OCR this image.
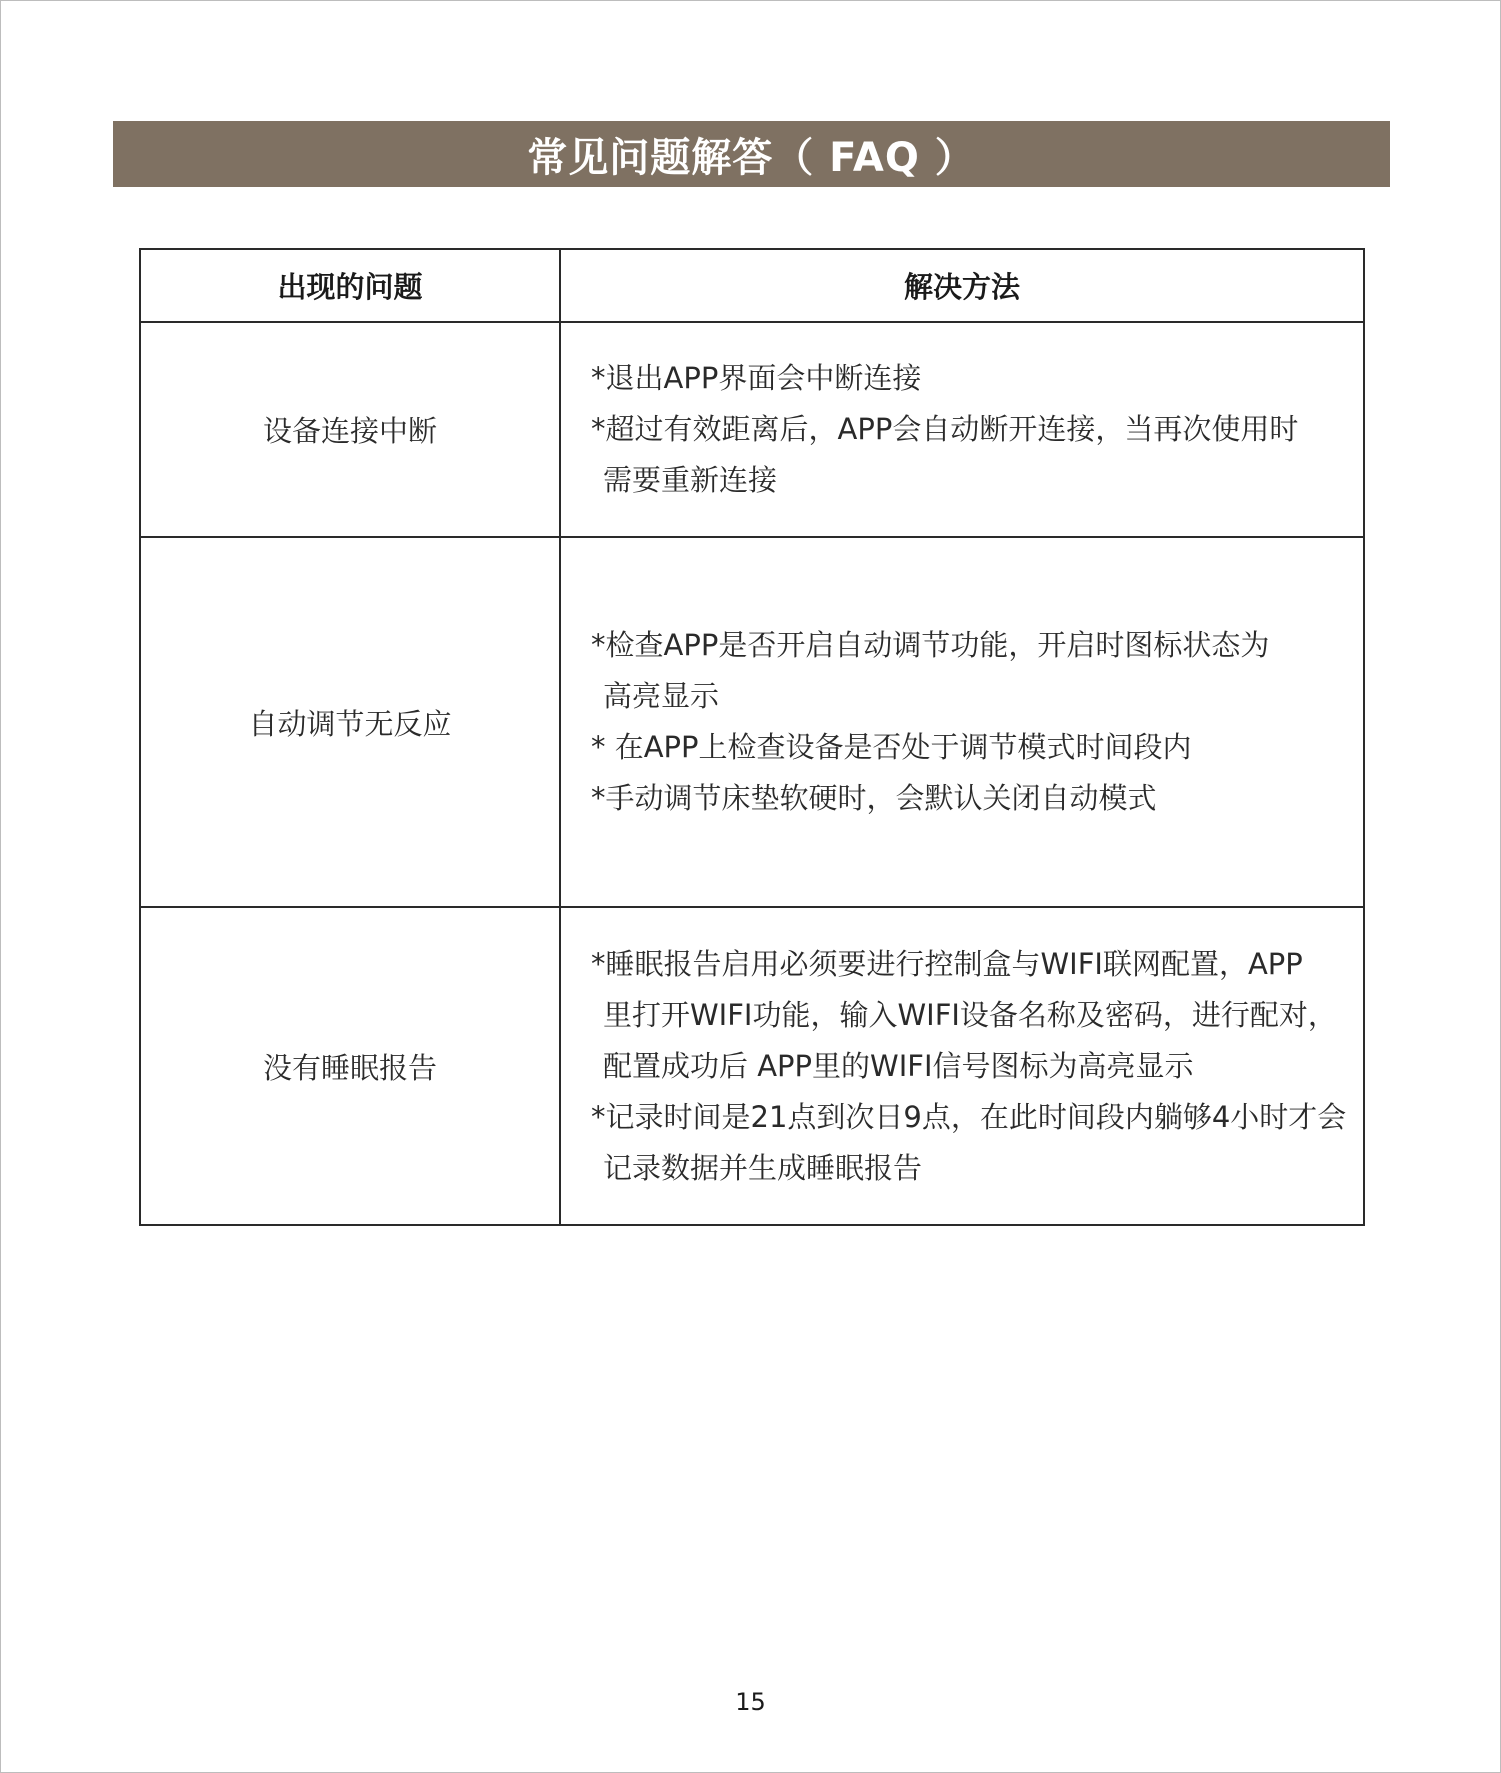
常见问题解答（ FAQ ）
出现的问题	解决方法
设备连接中断	*退出APP界面会中断连接
*超过有效距离后，APP会自动断开连接，当再次使用时
需要重新连接

自动调节无反应	*检查APP是否开启自动调节功能，开启时图标状态为
高亮显示
* 在APP上检查设备是否处于调节模式时间段内
*手动调节床垫软硬时，会默认关闭自动模式

没有睡眠报告	*睡眠报告启用必须要进行控制盒与WIFI联网配置，APP
里打开WIFI功能，输入WIFI设备名称及密码，进行配对，
配置成功后 APP里的WIFI信号图标为高亮显示
*记录时间是21点到次日9点，在此时间段内躺够4小时才会
记录数据并生成睡眠报告
15
